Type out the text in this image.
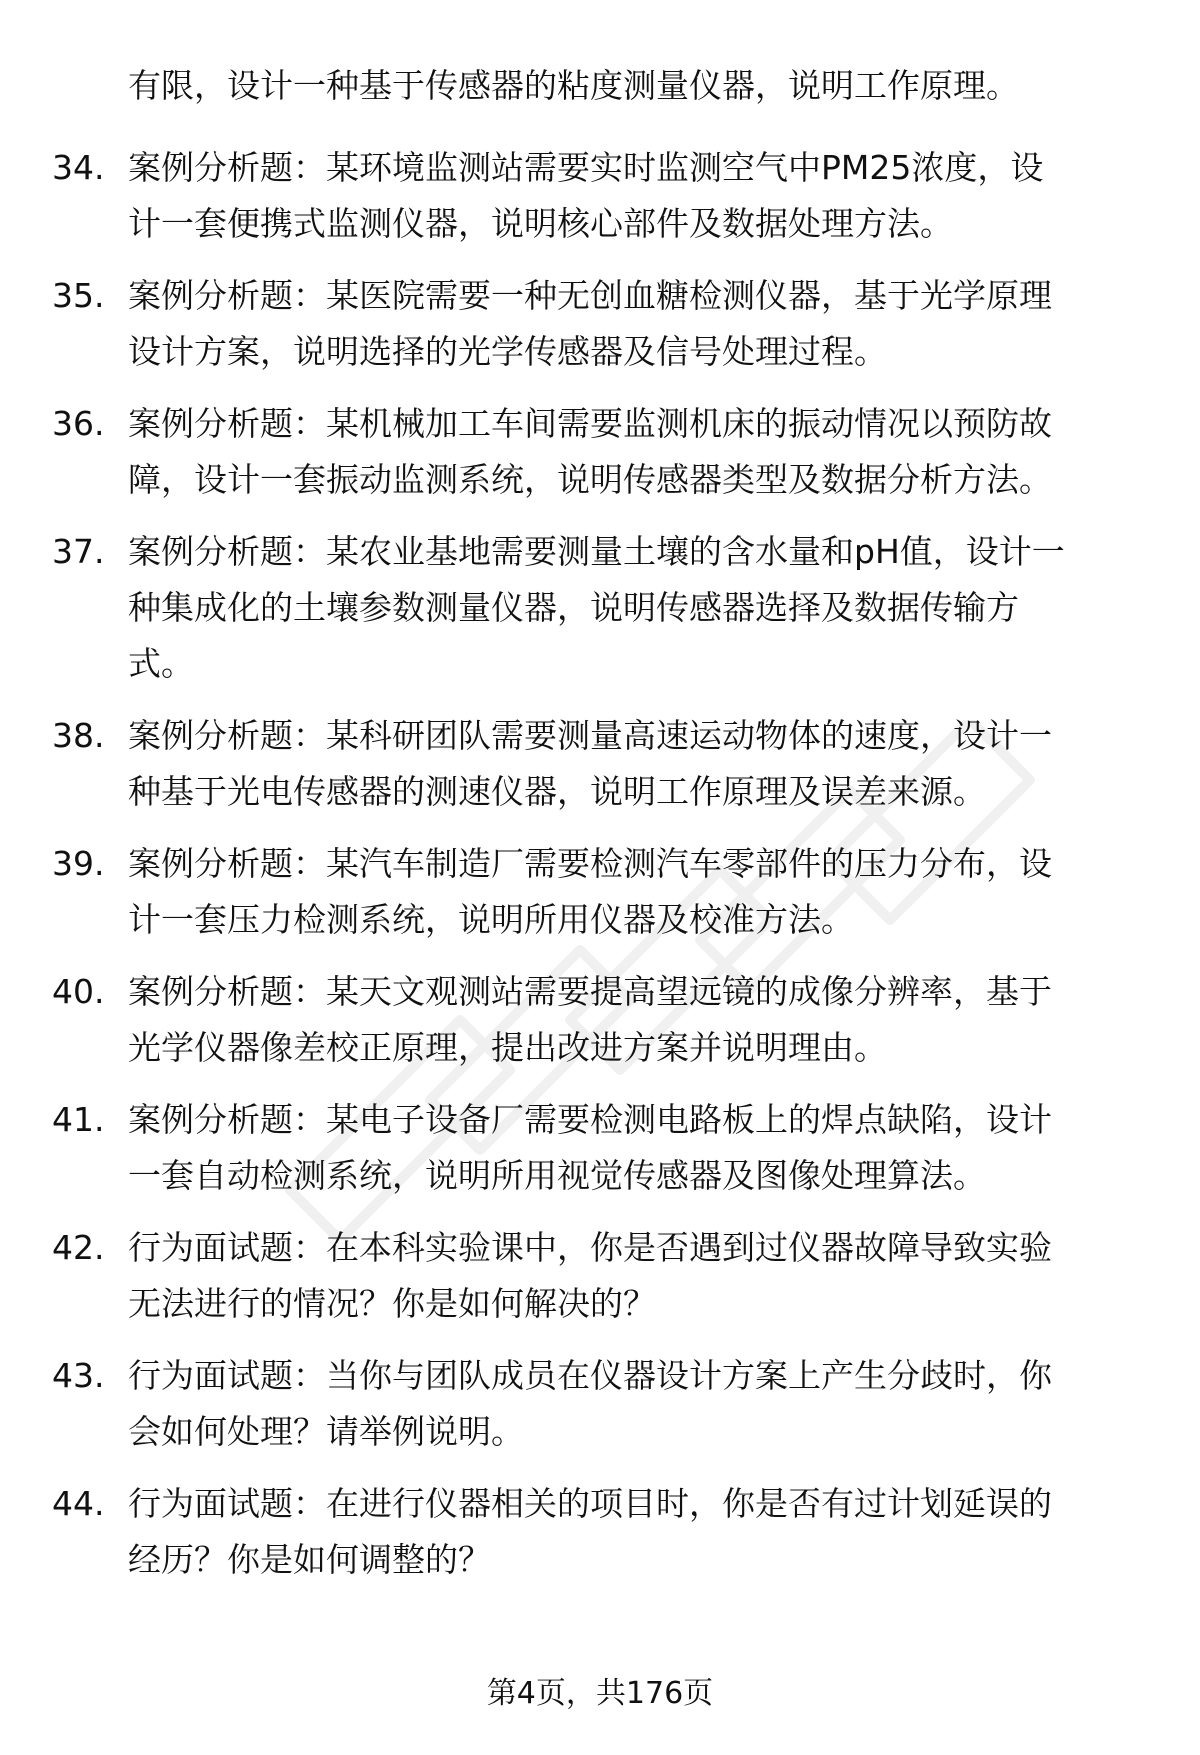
有限，设计一种基于传感器的粘度测量仪器，说明工作原理。
34. 案例分析题：某环境监测站需要实时监测空气中PM25浓度，设
计一套便携式监测仪器，说明核心部件及数据处理方法。
35. 案例分析题：某医院需要一种无创血糖检测仪器，基于光学原理
设计方案，说明选择的光学传感器及信号处理过程。
36. 案例分析题：某机械加工车间需要监测机床的振动情况以预防故
障，设计一套振动监测系统，说明传感器类型及数据分析方法。
37. 案例分析题：某农业基地需要测量土壤的含水量和pH值，设计一
种集成化的土壤参数测量仪器，说明传感器选择及数据传输方
式。
38. 案例分析题：某科研团队需要测量高速运动物体的速度，设计一
种基于光电传感器的测速仪器，说明工作原理及误差来源。
39. 案例分析题：某汽车制造厂需要检测汽车零部件的压力分布，设
计一套压力检测系统，说明所用仪器及校准方法。
40. 案例分析题：某天文观测站需要提高望远镜的成像分辨率，基于
光学仪器像差校正原理，提出改进方案并说明理由。
41. 案例分析题：某电子设备厂需要检测电路板上的焊点缺陷，设计
一套自动检测系统，说明所用视觉传感器及图像处理算法。
42. 行为面试题：在本科实验课中，你是否遇到过仪器故障导致实验
无法进行的情况？你是如何解决的？
43. 行为面试题：当你与团队成员在仪器设计方案上产生分歧时，你
会如何处理？请举例说明。
44. 行为面试题：在进行仪器相关的项目时，你是否有过计划延误的
经历？你是如何调整的？
第4页，共176页
